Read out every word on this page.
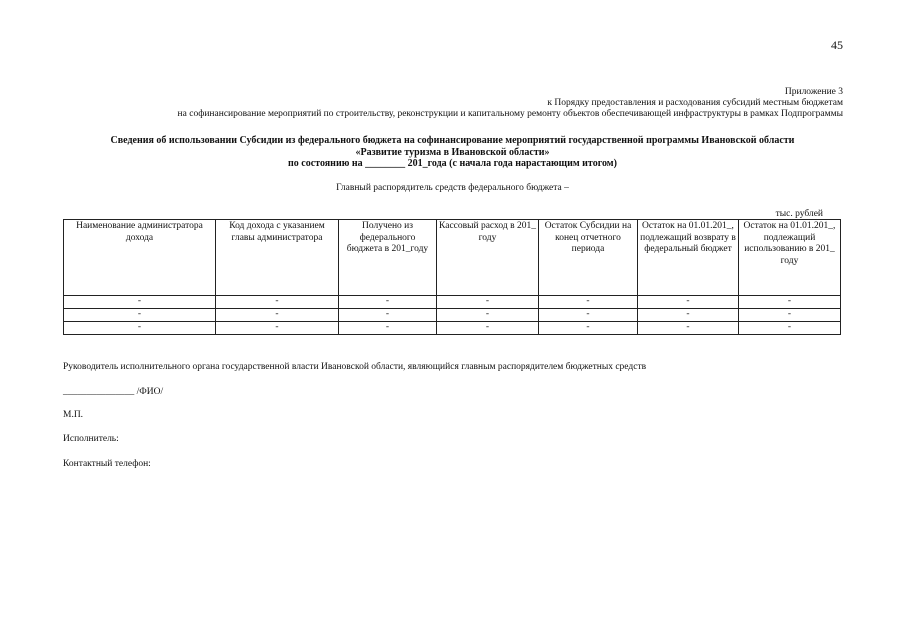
45
Приложение 3
к Порядку предоставления и расходования субсидий местным бюджетам
на софинансирование мероприятий по строительству, реконструкции и капитальному ремонту объектов обеспечивающей инфраструктуры в рамках Подпрограммы
Сведения об использовании Субсидии из федерального бюджета на софинансирование мероприятий государственной программы Ивановской области
«Развитие туризма в Ивановской области»
по состоянию на ________ 201_года (с начала года нарастающим итогом)
Главный распорядитель средств федерального бюджета –
тыс. рублей
Наименование администратора дохода	Код дохода с указанием главы администратора	Получено из федерального бюджета в 201_году	Кассовый расход в 201_ году	Остаток Субсидии на конец отчетного периода	Остаток на 01.01.201_, подлежащий возврату в федеральный бюджет	Остаток на 01.01.201_, подлежащий использованию в 201_ году
-	-	-	-	-	-	-
-	-	-	-	-	-	-
-	-	-	-	-	-	-
Руководитель исполнительного органа государственной власти Ивановской области, являющийся главным распорядителем бюджетных средств
_______________ /ФИО/
М.П.
Исполнитель:
Контактный телефон:
